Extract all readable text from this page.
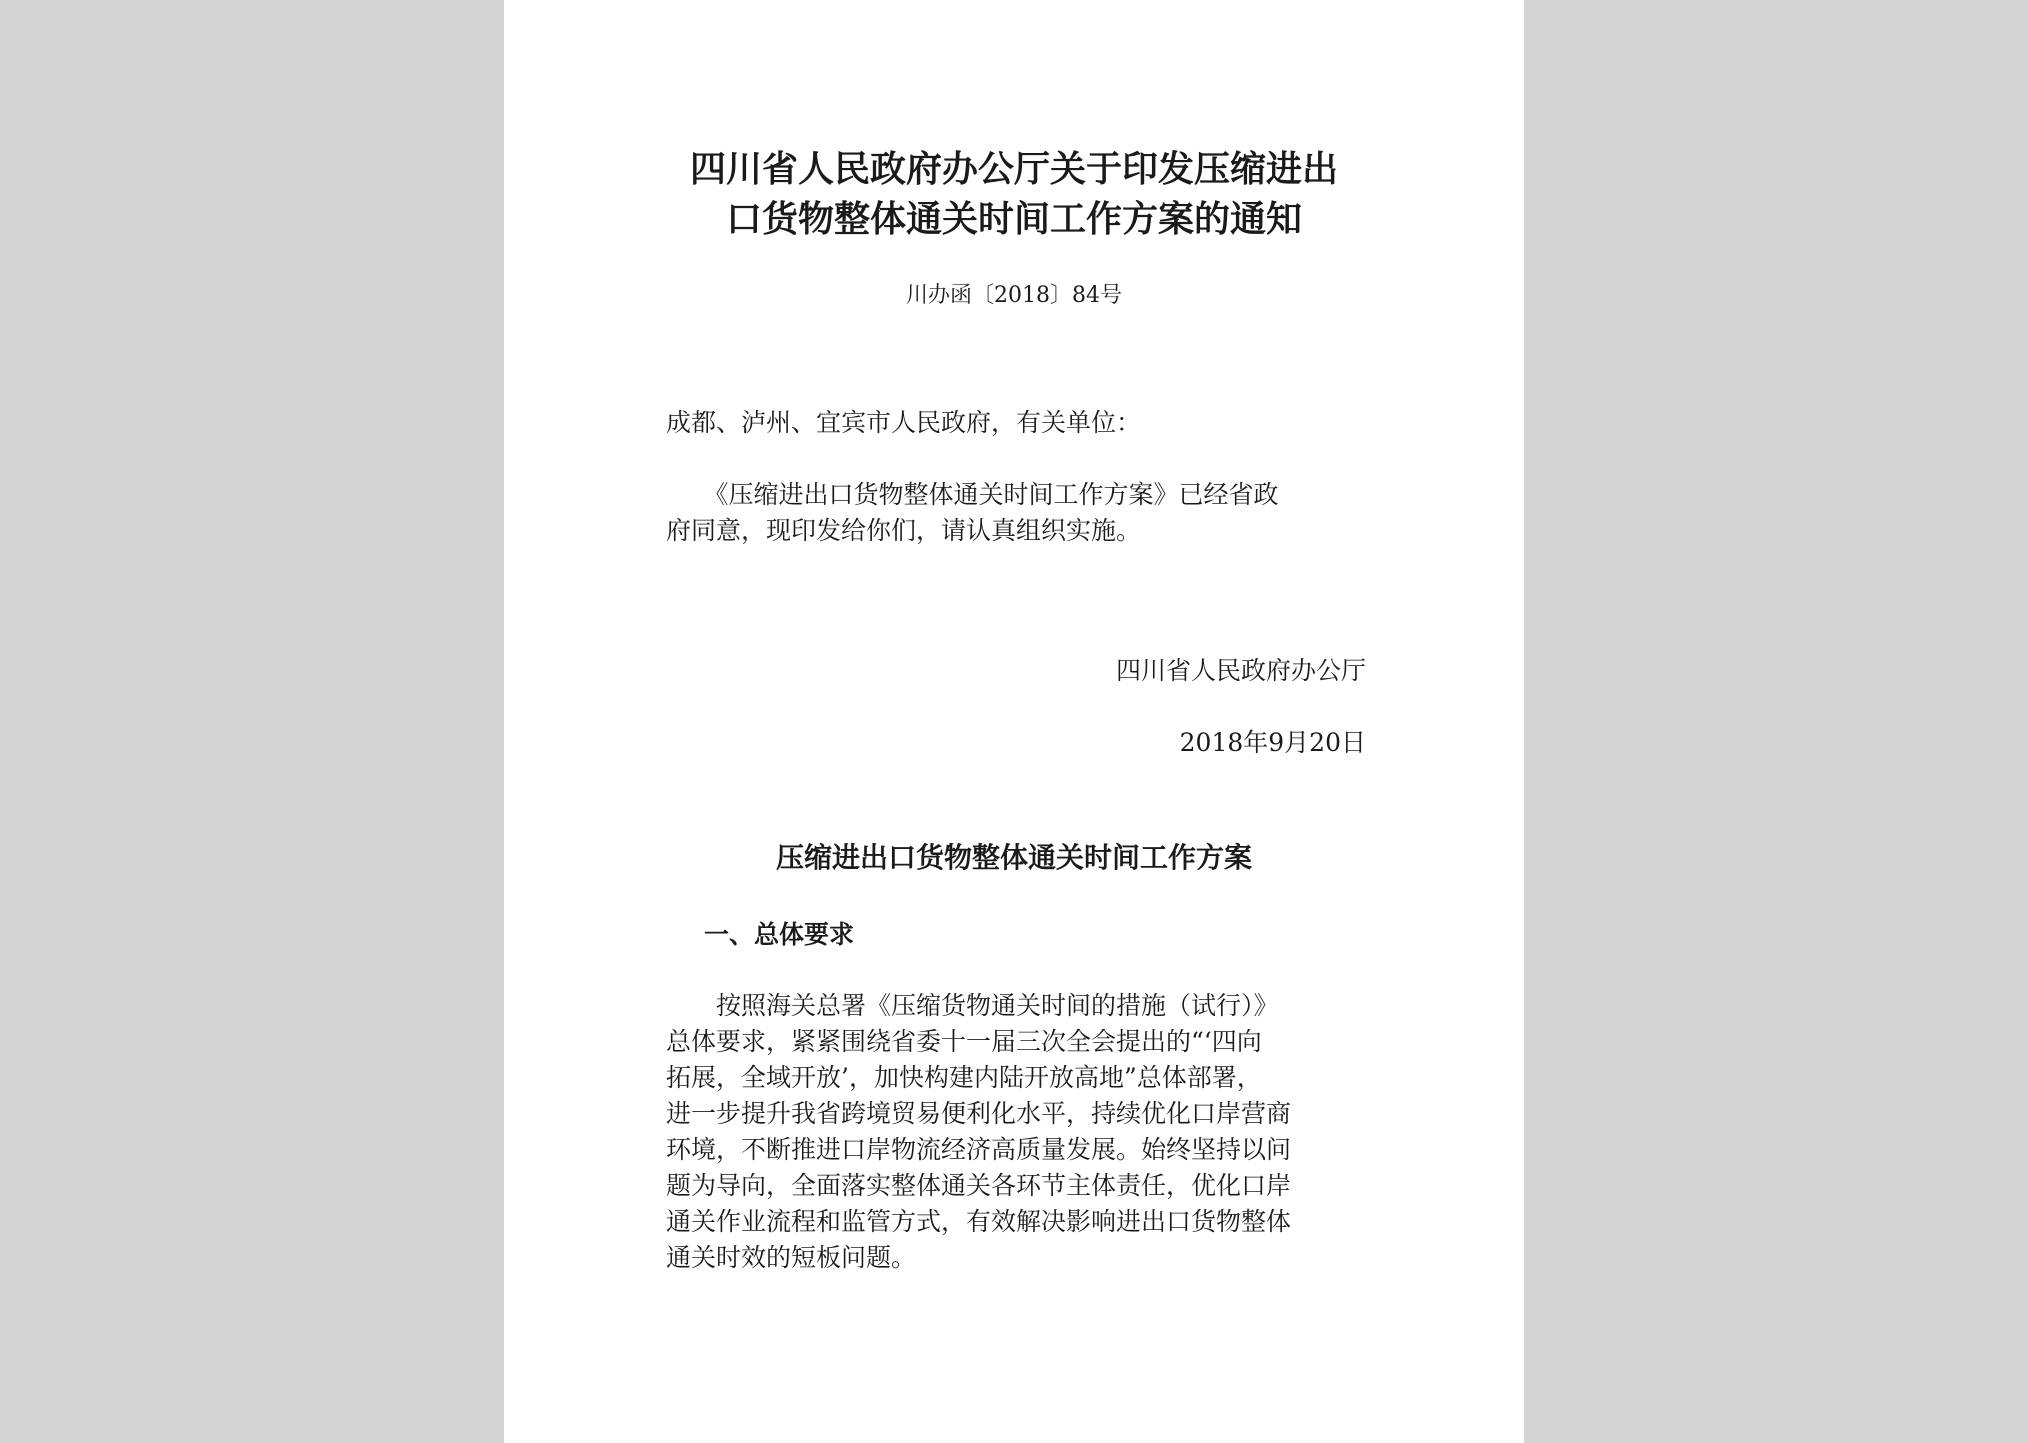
四川省人民政府办公厅关于印发压缩进出
口货物整体通关时间工作方案的通知
川办函〔2018〕84号
成都、泸州、宜宾市人民政府，有关单位：
　　《压缩进出口货物整体通关时间工作方案》已经省政
府同意，现印发给你们，请认真组织实施。
四川省人民政府办公厅
2018年9月20日
压缩进出口货物整体通关时间工作方案
一、总体要求
　　按照海关总署《压缩货物通关时间的措施（试行）》
总体要求，紧紧围绕省委十一届三次全会提出的“‘四向
拓展，全域开放’，加快构建内陆开放高地”总体部署，
进一步提升我省跨境贸易便利化水平，持续优化口岸营商
环境，不断推进口岸物流经济高质量发展。始终坚持以问
题为导向，全面落实整体通关各环节主体责任，优化口岸
通关作业流程和监管方式，有效解决影响进出口货物整体
通关时效的短板问题。
